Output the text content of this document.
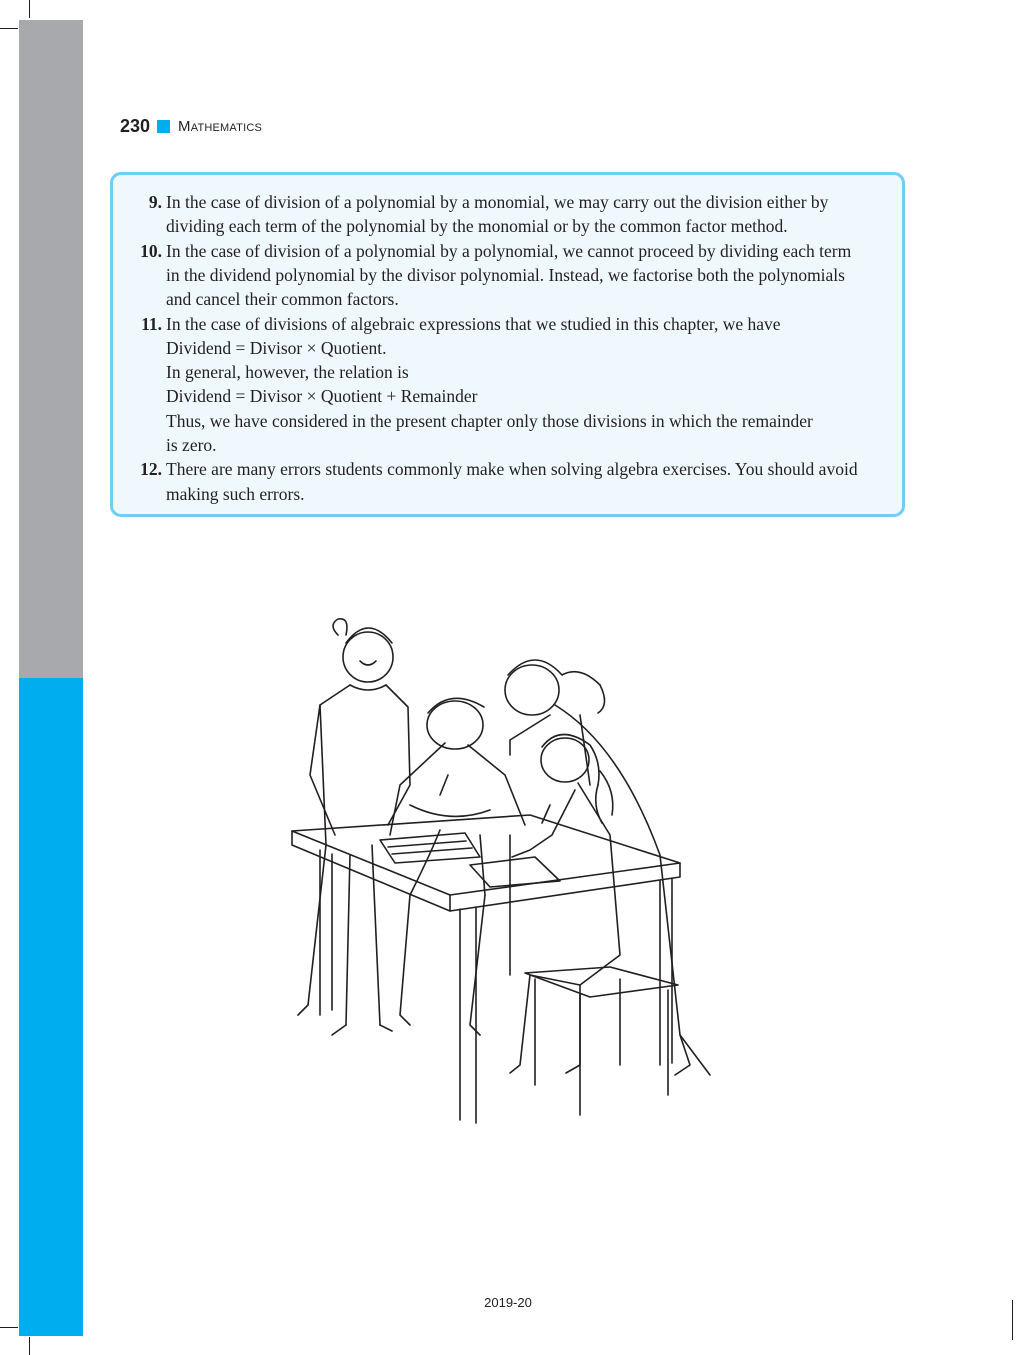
230 Mathematics
9. In the case of division of a polynomial by a monomial, we may carry out the division either by
dividing each term of the polynomial by the monomial or by the common factor method.
10. In the case of division of a polynomial by a polynomial, we cannot proceed by dividing each term
in the dividend polynomial by the divisor polynomial. Instead, we factorise both the polynomials
and cancel their common factors.
11. In the case of divisions of algebraic expressions that we studied in this chapter, we have
Dividend = Divisor × Quotient.
In general, however, the relation is
Dividend = Divisor × Quotient + Remainder
Thus, we have considered in the present chapter only those divisions in which the remainder
is zero.
12. There are many errors students commonly make when solving algebra exercises. You should avoid
making such errors.
2019-20
